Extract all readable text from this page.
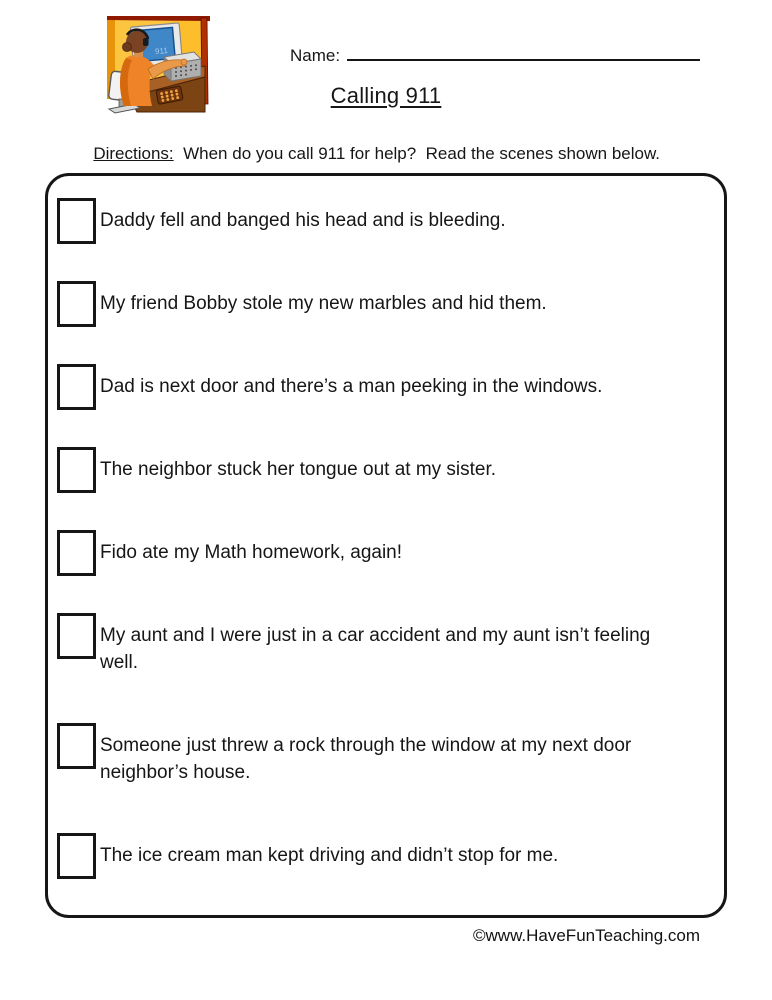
911	Name:
Calling 911

Directions:  When do you call 911 for help?  Read the scenes shown below.

Daddy fell and banged his head and is bleeding.
My friend Bobby stole my new marbles and hid them.
Dad is next door and there’s a man peeking in the windows.
The neighbor stuck her tongue out at my sister.
Fido ate my Math homework, again!
My aunt and I were just in a car accident and my aunt isn’t feeling well.
Someone just threw a rock through the window at my next door neighbor’s house.
The ice cream man kept driving and didn’t stop for me.
©www.HaveFunTeaching.com
